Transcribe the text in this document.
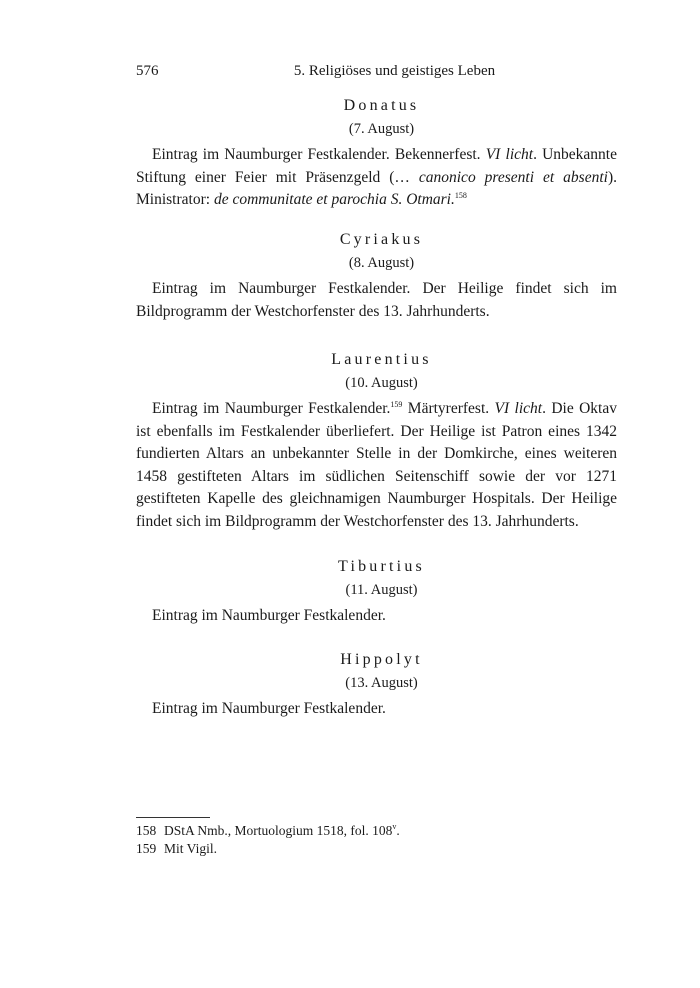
576	5. Religiöses und geistiges Leben
Donatus
(7. August)

Eintrag im Naumburger Festkalender. Bekennerfest. VI licht. Unbekannte Stiftung einer Feier mit Präsenzgeld (… canonico presenti et absenti). Ministrator: de communitate et parochia S. Otmari.$^{158}$

Cyriakus
(8. August)

Eintrag im Naumburger Festkalender. Der Heilige findet sich im Bildprogramm der Westchorfenster des 13. Jahrhunderts.

Laurentius
(10. August)

Eintrag im Naumburger Festkalender.$^{159}$ Märtyrerfest. VI licht. Die Oktav ist ebenfalls im Festkalender überliefert. Der Heilige ist Patron eines 1342 fundierten Altars an unbekannter Stelle in der Domkirche, eines weiteren 1458 gestifteten Altars im südlichen Seitenschiff sowie der vor 1271 gestifteten Kapelle des gleichnamigen Naumburger Hospitals. Der Heilige findet sich im Bildprogramm der Westchorfenster des 13. Jahrhunderts.

Tiburtius
(11. August)

Eintrag im Naumburger Festkalender.

Hippolyt
(13. August)

Eintrag im Naumburger Festkalender.

158 DStA Nmb., Mortuologium 1518, fol. 108$^v$.
159 Mit Vigil.
